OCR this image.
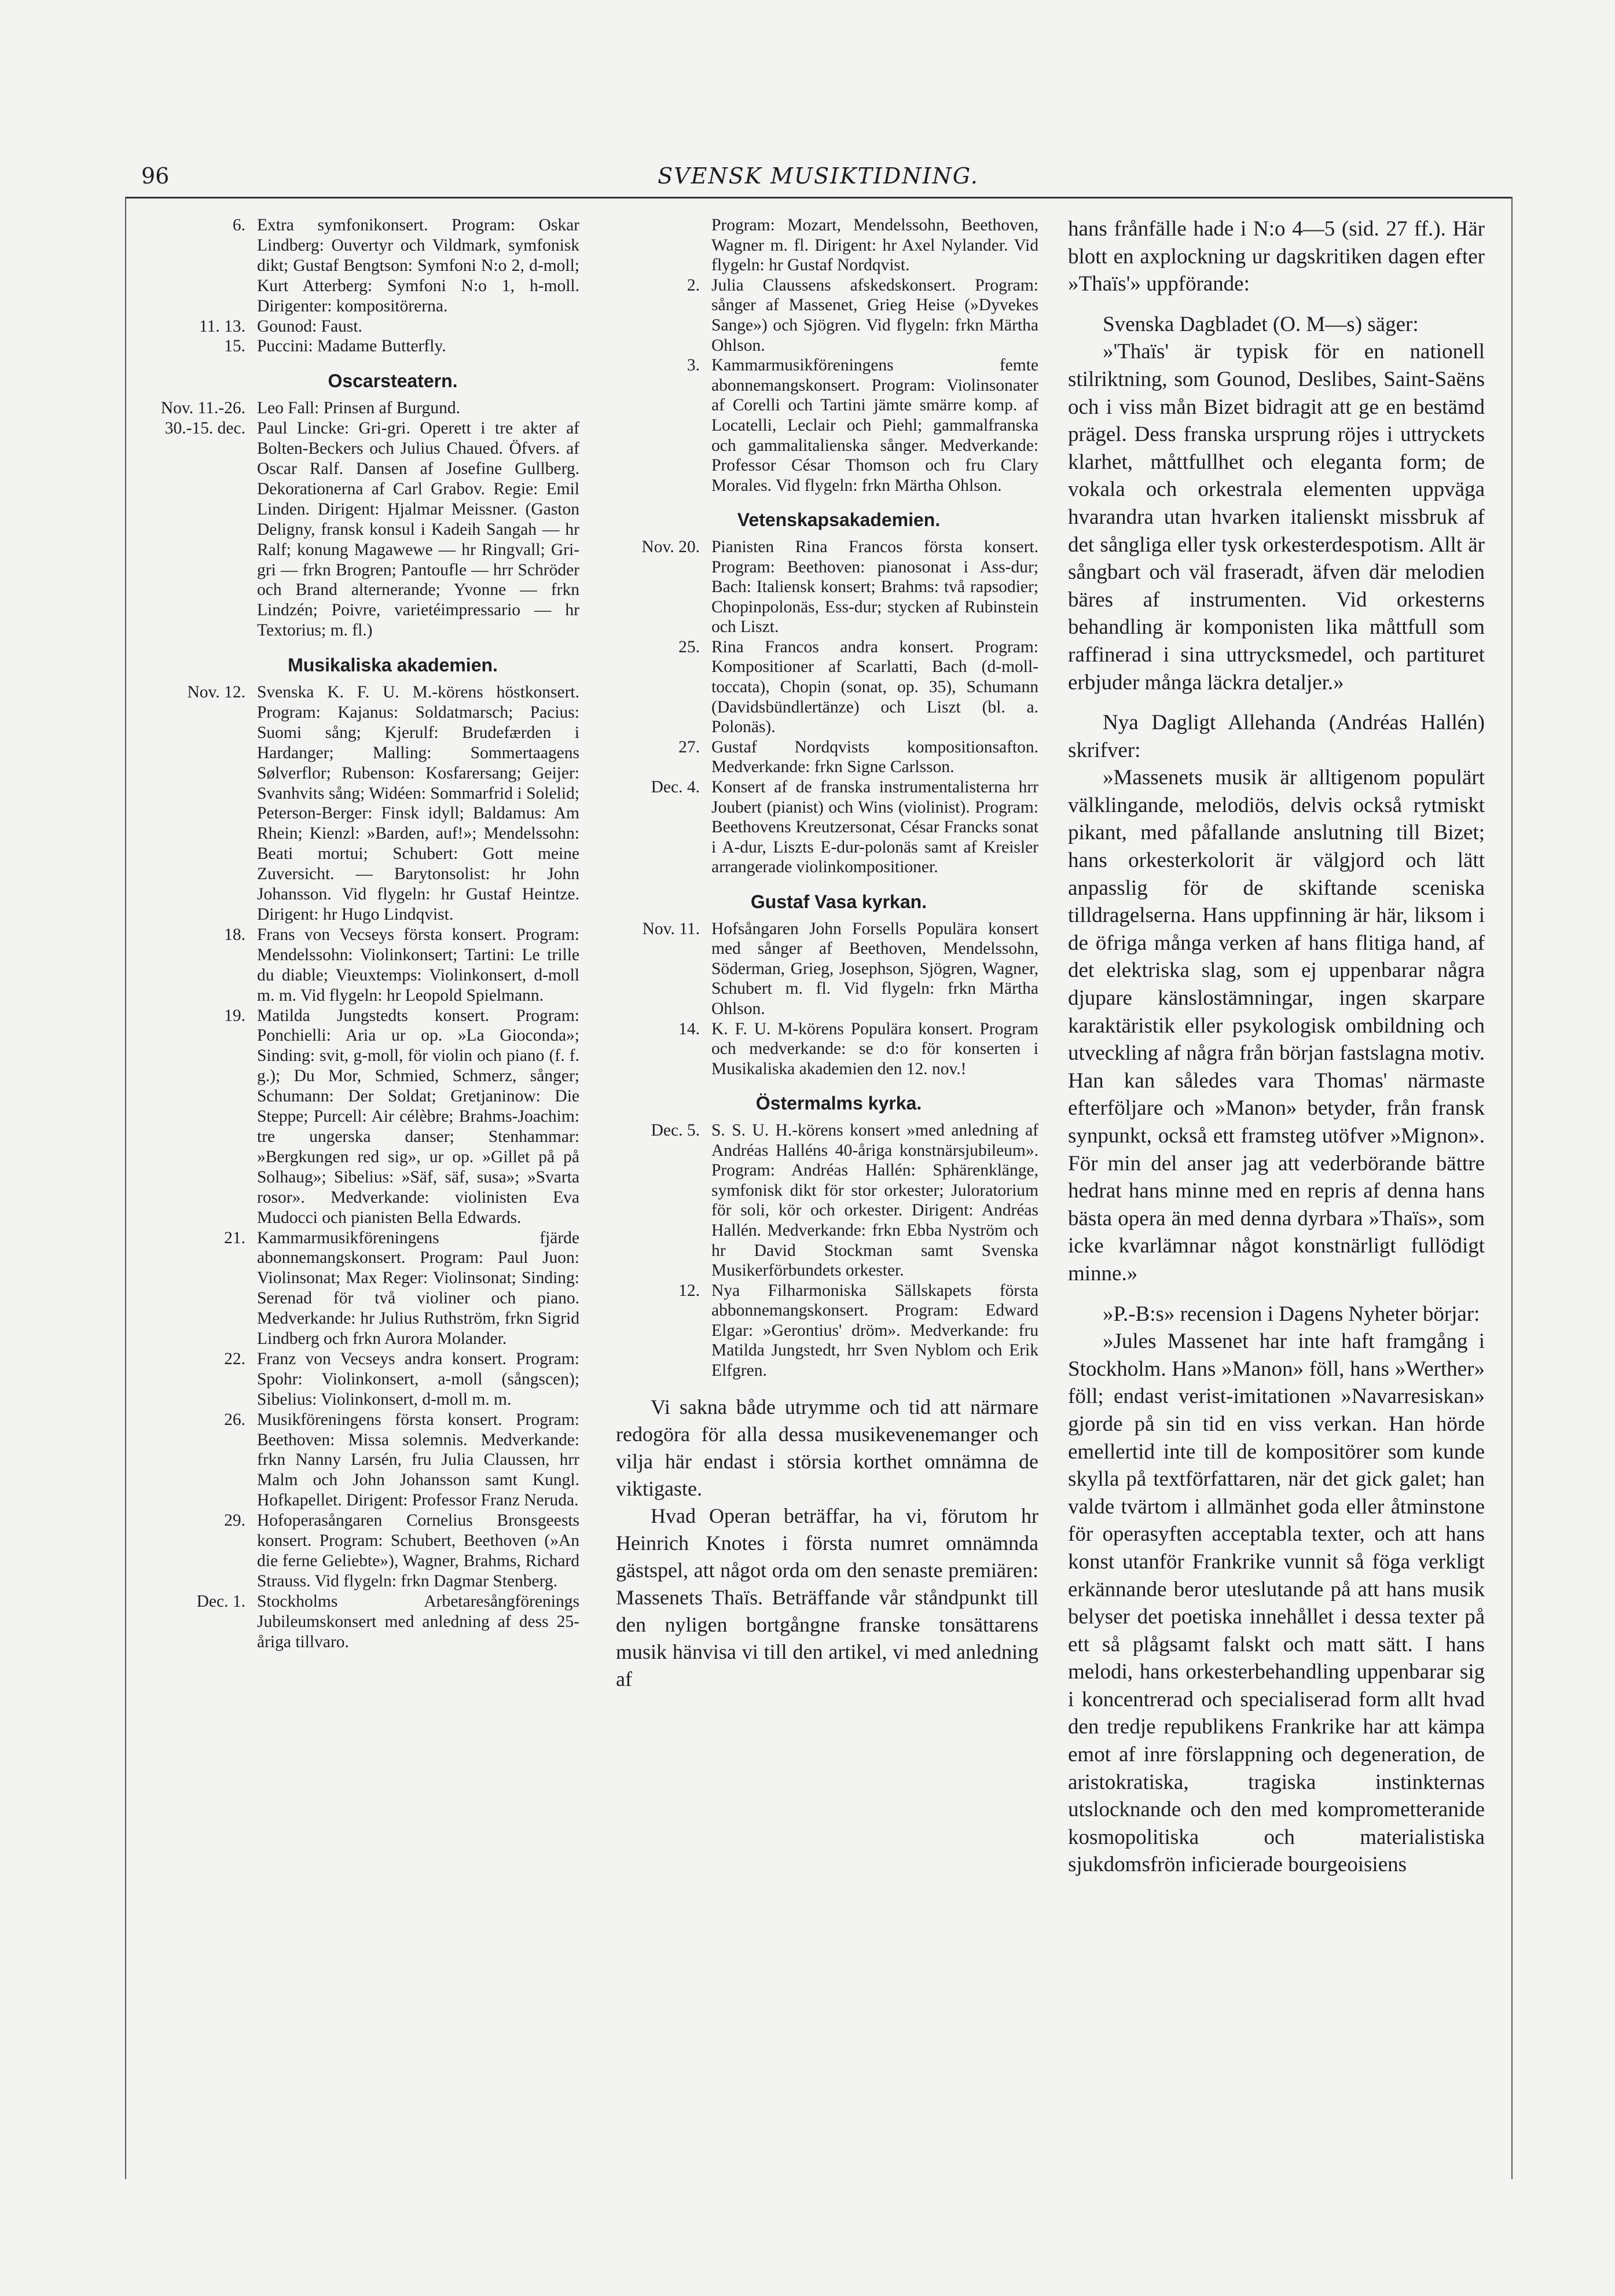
96	SVENSK MUSIKTIDNING.
6. Extra symfonikonsert. Program: Oskar Lindberg: Ouvertyr och Vildmark, symfonisk dikt; Gustaf Bengtson: Symfoni N:o 2, d-moll; Kurt Atterberg: Symfoni N:o 1, h-moll. Dirigenter: kompositörerna.
11. 13. Gounod: Faust.
15. Puccini: Madame Butterfly.
Oscarsteatern.
Nov. 11.-26. Leo Fall: Prinsen af Burgund.
30.-15. dec. Paul Lincke: Gri-gri. Operett i tre akter af Bolten-Beckers och Julius Chaued. Öfvers. af Oscar Ralf. Dansen af Josefine Gullberg. Dekorationerna af Carl Grabov. Regie: Emil Linden. Dirigent: Hjalmar Meissner. (Gaston Deligny, fransk konsul i Kadeih Sangah — hr Ralf; konung Magawewe — hr Ringvall; Gri-gri — frkn Brogren; Pantoufle — hrr Schröder och Brand alternerande; Yvonne — frkn Lindzén; Poivre, varietéimpressario — hr Textorius; m. fl.)
Musikaliska akademien.
Nov. 12. Svenska K. F. U. M.-körens höstkonsert. Program: Kajanus: Soldatmarsch; Pacius: Suomi sång; Kjerulf: Brudefærden i Hardanger; Malling: Sommertaagens Sølverflor; Rubenson: Kosfarersang; Geijer: Svanhvits sång; Widéen: Sommarfrid i Solelid; Peterson-Berger: Finsk idyll; Baldamus: Am Rhein; Kienzl: »Barden, auf!»; Mendelssohn: Beati mortui; Schubert: Gott meine Zuversicht. — Barytonsolist: hr John Johansson. Vid flygeln: hr Gustaf Heintze. Dirigent: hr Hugo Lindqvist.
18. Frans von Vecseys första konsert. Program: Mendelssohn: Violinkonsert; Tartini: Le trille du diable; Vieuxtemps: Violinkonsert, d-moll m. m. Vid flygeln: hr Leopold Spielmann.
19. Matilda Jungstedts konsert. Program: Ponchielli: Aria ur op. »La Gioconda»; Sinding: svit, g-moll, för violin och piano (f. f. g.); Du Mor, Schmied, Schmerz, sånger; Schumann: Der Soldat; Gretjaninow: Die Steppe; Purcell: Air célèbre; Brahms-Joachim: tre ungerska danser; Stenhammar: »Bergkungen red sig», ur op. »Gillet på på Solhaug»; Sibelius: »Säf, säf, susa»; »Svarta rosor». Medverkande: violinisten Eva Mudocci och pianisten Bella Edwards.
21. Kammarmusikföreningens fjärde abonnemangskonsert. Program: Paul Juon: Violinsonat; Max Reger: Violinsonat; Sinding: Serenad för två violiner och piano. Medverkande: hr Julius Ruthström, frkn Sigrid Lindberg och frkn Aurora Molander.
22. Franz von Vecseys andra konsert. Program: Spohr: Violinkonsert, a-moll (sångscen); Sibelius: Violinkonsert, d-moll m. m.
26. Musikföreningens första konsert. Program: Beethoven: Missa solemnis. Medverkande: frkn Nanny Larsén, fru Julia Claussen, hrr Malm och John Johansson samt Kungl. Hofkapellet. Dirigent: Professor Franz Neruda.
29. Hofoperasångaren Cornelius Bronsgeests konsert. Program: Schubert, Beethoven (»An die ferne Geliebte»), Wagner, Brahms, Richard Strauss. Vid flygeln: frkn Dagmar Stenberg.
Dec. 1. Stockholms Arbetaresångförenings Jubileumskonsert med anledning af dess 25-åriga tillvaro.
Program: Mozart, Mendelssohn, Beethoven, Wagner m. fl. Dirigent: hr Axel Nylander. Vid flygeln: hr Gustaf Nordqvist.
2. Julia Claussens afskedskonsert. Program: sånger af Massenet, Grieg Heise (»Dyvekes Sange») och Sjögren. Vid flygeln: frkn Märtha Ohlson.
3. Kammarmusikföreningens femte abonnemangskonsert. Program: Violinsonater af Corelli och Tartini jämte smärre komp. af Locatelli, Leclair och Piehl; gammalfranska och gammalitalienska sånger. Medverkande: Professor César Thomson och fru Clary Morales. Vid flygeln: frkn Märtha Ohlson.
Vetenskapsakademien.
Nov. 20. Pianisten Rina Francos första konsert. Program: Beethoven: pianosonat i Ass-dur; Bach: Italiensk konsert; Brahms: två rapsodier; Chopinpolonäs, Ess-dur; stycken af Rubinstein och Liszt.
25. Rina Francos andra konsert. Program: Kompositioner af Scarlatti, Bach (d-moll-toccata), Chopin (sonat, op. 35), Schumann (Davidsbündlertänze) och Liszt (bl. a. Polonäs).
27. Gustaf Nordqvists kompositionsafton. Medverkande: frkn Signe Carlsson.
Dec. 4. Konsert af de franska instrumentalisterna hrr Joubert (pianist) och Wins (violinist). Program: Beethovens Kreutzersonat, César Francks sonat i A-dur, Liszts E-dur-polonäs samt af Kreisler arrangerade violinkompositioner.
Gustaf Vasa kyrkan.
Nov. 11. Hofsångaren John Forsells Populära konsert med sånger af Beethoven, Mendelssohn, Söderman, Grieg, Josephson, Sjögren, Wagner, Schubert m. fl. Vid flygeln: frkn Märtha Ohlson.
14. K. F. U. M-körens Populära konsert. Program och medverkande: se d:o för konserten i Musikaliska akademien den 12. nov.!
Östermalms kyrka.
Dec. 5. S. S. U. H.-körens konsert »med anledning af Andréas Halléns 40-åriga konstnärsjubileum». Program: Andréas Hallén: Sphärenklänge, symfonisk dikt för stor orkester; Juloratorium för soli, kör och orkester. Dirigent: Andréas Hallén. Medverkande: frkn Ebba Nyström och hr David Stockman samt Svenska Musikerförbundets orkester.
12. Nya Filharmoniska Sällskapets första abbonnemangskonsert. Program: Edward Elgar: »Gerontius' dröm». Medverkande: fru Matilda Jungstedt, hrr Sven Nyblom och Erik Elfgren.

Vi sakna både utrymme och tid att närmare redogöra för alla dessa musikevenemanger och vilja här endast i störsia korthet omnämna de viktigaste.

Hvad Operan beträffar, ha vi, förutom hr Heinrich Knotes i första numret omnämnda gästspel, att något orda om den senaste premiären: Massenets Thaïs. Beträffande vår ståndpunkt till den nyligen bortgångne franske tonsättarens musik hänvisa vi till den artikel, vi med anledning af

hans frånfälle hade i N:o 4—5 (sid. 27 ff.). Här blott en axplockning ur dagskritiken dagen efter »Thaïs'» uppförande:

Svenska Dagbladet (O. M—s) säger:

»'Thaïs' är typisk för en nationell stilriktning, som Gounod, Deslibes, Saint-Saëns och i viss mån Bizet bidragit att ge en bestämd prägel. Dess franska ursprung röjes i uttryckets klarhet, måttfullhet och eleganta form; de vokala och orkestrala elementen uppväga hvarandra utan hvarken italienskt missbruk af det sångliga eller tysk orkesterdespotism. Allt är sångbart och väl fraseradt, äfven där melodien bäres af instrumenten. Vid orkesterns behandling är komponisten lika måttfull som raffinerad i sina uttrycksmedel, och partituret erbjuder många läckra detaljer.»

Nya Dagligt Allehanda (Andréas Hallén) skrifver:

»Massenets musik är alltigenom populärt välklingande, melodiös, delvis också rytmiskt pikant, med påfallande anslutning till Bizet; hans orkesterkolorit är välgjord och lätt anpasslig för de skiftande sceniska tilldragelserna. Hans uppfinning är här, liksom i de öfriga många verken af hans flitiga hand, af det elektriska slag, som ej uppenbarar några djupare känslostämningar, ingen skarpare karaktäristik eller psykologisk ombildning och utveckling af några från början fastslagna motiv. Han kan således vara Thomas' närmaste efterföljare och »Manon» betyder, från fransk synpunkt, också ett framsteg utöfver »Mignon». För min del anser jag att vederbörande bättre hedrat hans minne med en repris af denna hans bästa opera än med denna dyrbara »Thaïs», som icke kvarlämnar något konstnärligt fullödigt minne.»

»P.-B:s» recension i Dagens Nyheter börjar:

»Jules Massenet har inte haft framgång i Stockholm. Hans »Manon» föll, hans »Werther» föll; endast verist-imitationen »Navarresiskan» gjorde på sin tid en viss verkan. Han hörde emellertid inte till de kompositörer som kunde skylla på textförfattaren, när det gick galet; han valde tvärtom i allmänhet goda eller åtminstone för operasyften acceptabla texter, och att hans konst utanför Frankrike vunnit så föga verkligt erkännande beror uteslutande på att hans musik belyser det poetiska innehållet i dessa texter på ett så plågsamt falskt och matt sätt. I hans melodi, hans orkesterbehandling uppenbarar sig i koncentrerad och specialiserad form allt hvad den tredje republikens Frankrike har att kämpa emot af inre förslappning och degeneration, de aristokratiska, tragiska instinkternas utslocknande och den med komprometteranide kosmopolitiska och materialistiska sjukdomsfrön inficierade bourgeoisiens
